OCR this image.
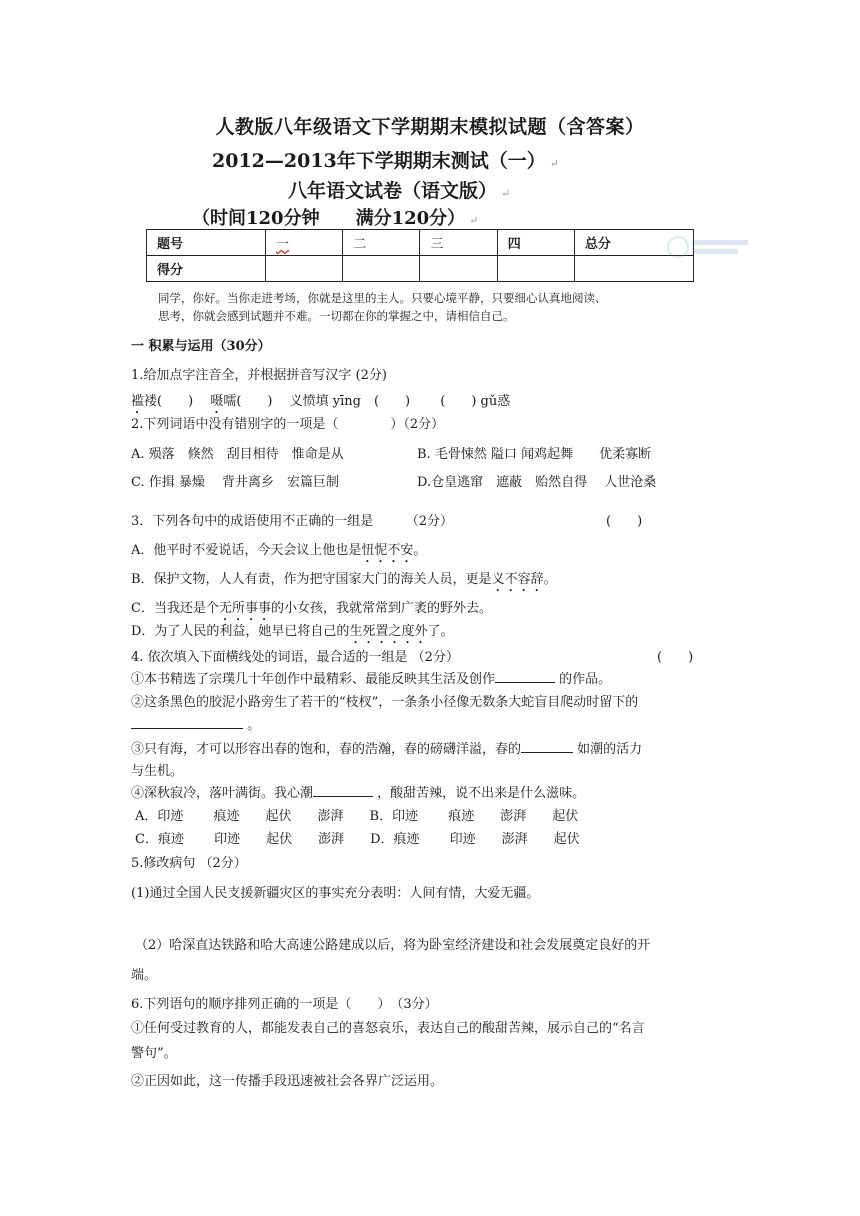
人教版八年级语文下学期期末模拟试题（含答案）
2012—2013年下学期期末测试（一） ↵
八年语文试卷（语文版） ↵
（时间120分钟　　满分120分） ↵
题号	一	二	三	四	总分
得分					
同学，你好。当你走进考场，你就是这里的主人。只要心境平静，只要细心认真地阅读、
思考，你就会感到试题并不难。一切都在你的掌握之中，请相信自己。
一 积累与运用（30分）
1.给加点字注音全，并根据拼音写汉字 (2分)
褴褛(　　)　 嗫嚅(　　)　 义愤填 yīng　(　　)　　 (　　) gǔ惑
2.下列词语中没有错别字的一项是（　　　　）（2分）
A. 殒落　倏然　刮目相待　惟命是从	B. 毛骨悚然 隘口 闻鸡起舞　　优柔寡断
C. 作揖 暴燥　 背井离乡　宏篇巨制	D.仓皇逃窜　遮蔽　贻然自得　 人世沧桑
3．下列各句中的成语使用不正确的一组是　　　（2分）	(　　)
A．他平时不爱说话，今天会议上他也是忸怩不安。
B．保护文物，人人有责，作为把守国家大门的海关人员，更是义不容辞。
C．当我还是个无所事事的小女孩，我就常常到广袤的野外去。
D．为了人民的利益，她早已将自己的生死置之度外了。
4. 依次填入下面横线处的词语，最合适的一组是 （2分）	(　　)
①本书精选了宗璞几十年创作中最精彩、最能反映其生活及创作	的作品。
②这条黑色的胶泥小路旁生了若干的“枝杈”，一条条小径像无数条大蛇盲目爬动时留下的
。
③只有海，才可以形容出春的饱和，春的浩瀚，春的磅礴洋溢，春的	如潮的活力
与生机。
④深秋寂冷，落叶满街。我心潮	，酸甜苦辣，说不出来是什么滋味。
A．印迹　　 痕迹　　起伏　　澎湃　　B．印迹　　 痕迹　　澎湃　　起伏
C．痕迹　　 印迹　　起伏　　澎湃　　D．痕迹　　 印迹　　澎湃　　起伏
5.修改病句 （2分）
(1)通过全国人民支援新疆灾区的事实充分表明：人间有情，大爱无疆。
（2）哈深直达铁路和哈大高速公路建成以后，将为卧室经济建设和社会发展奠定良好的开
端。
6.下列语句的顺序排列正确的一项是（　　）　（3分）
①任何受过教育的人，都能发表自己的喜怒哀乐，表达自己的酸甜苦辣，展示自己的“名言
警句”。
②正因如此，这一传播手段迅速被社会各界广泛运用。
